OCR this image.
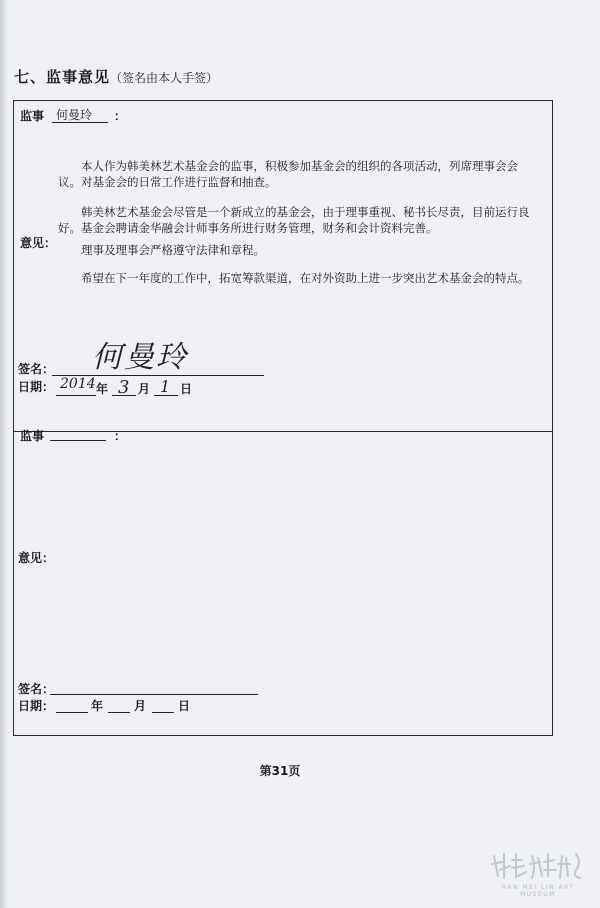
七、监事意见（签名由本人手签）
监事 何曼玲 ：

本人作为韩美林艺术基金会的监事，积极参加基金会的组织的各项活动，列席理事会会议。对基金会的日常工作进行监督和抽查。

韩美林艺术基金会尽管是一个新成立的基金会，由于理事重视、秘书长尽责，目前运行良好。基金会聘请金华融会计师事务所进行财务管理，财务和会计资料完善。

意见：	理事及理事会严格遵守法律和章程。

希望在下一年度的工作中，拓宽筹款渠道，在对外资助上进一步突出艺术基金会的特点。

签名： 何曼玲
日期： 2014 年 3 月 1 日
监事	：
意见：
签名：
日期：	年	月	日
第31页
HAN MEI LIN ART MUSEUM
